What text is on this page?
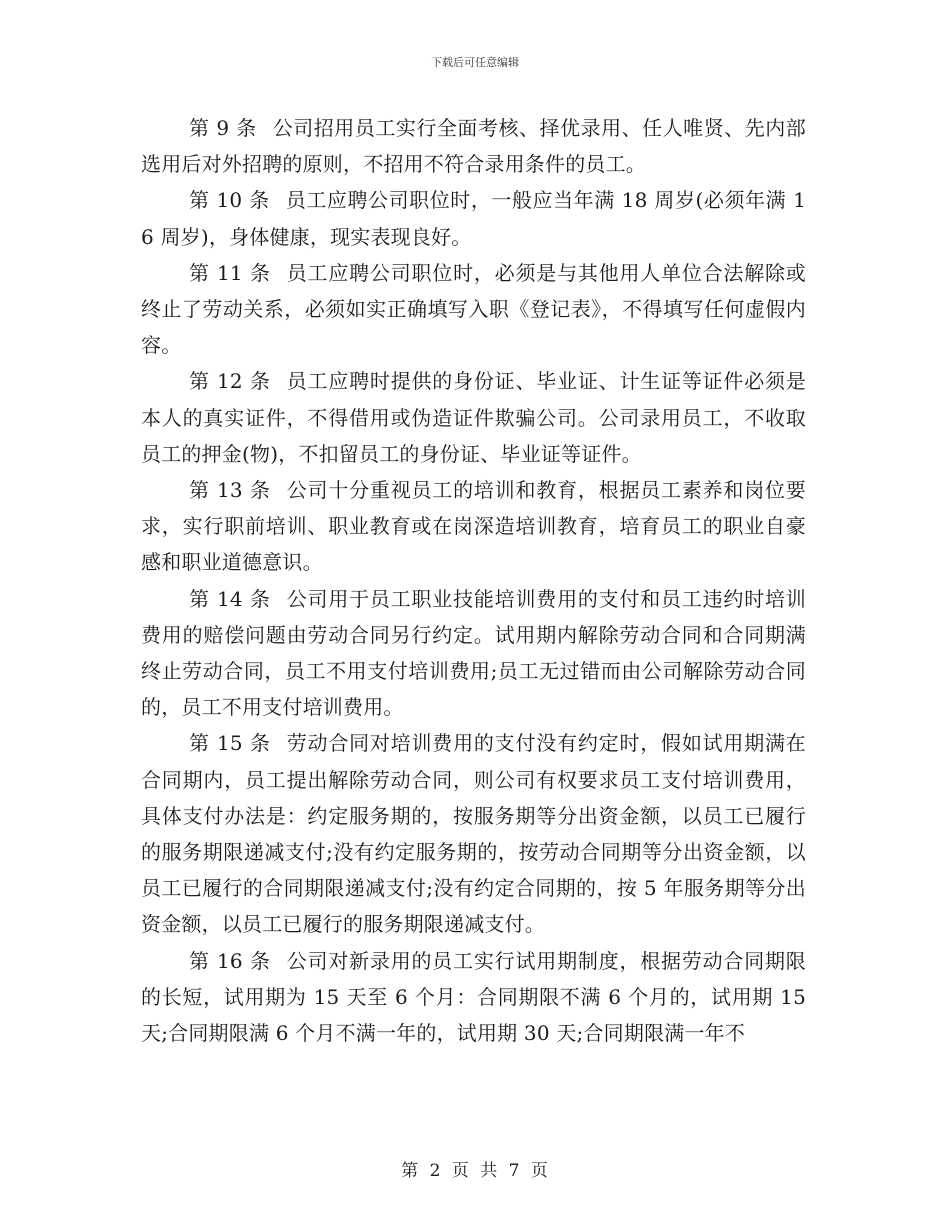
下载后可任意编辑

第 9 条 公司招用员工实行全面考核、择优录用、任人唯贤、先内部选用后对外招聘的原则，不招用不符合录用条件的员工。

第 10 条 员工应聘公司职位时，一般应当年满 18 周岁(必须年满 16 周岁)，身体健康，现实表现良好。

第 11 条 员工应聘公司职位时，必须是与其他用人单位合法解除或终止了劳动关系，必须如实正确填写入职《登记表》，不得填写任何虚假内容。

第 12 条 员工应聘时提供的身份证、毕业证、计生证等证件必须是本人的真实证件，不得借用或伪造证件欺骗公司。公司录用员工，不收取员工的押金(物)，不扣留员工的身份证、毕业证等证件。

第 13 条 公司十分重视员工的培训和教育，根据员工素养和岗位要求，实行职前培训、职业教育或在岗深造培训教育，培育员工的职业自豪感和职业道德意识。

第 14 条 公司用于员工职业技能培训费用的支付和员工违约时培训费用的赔偿问题由劳动合同另行约定。试用期内解除劳动合同和合同期满终止劳动合同，员工不用支付培训费用;员工无过错而由公司解除劳动合同的，员工不用支付培训费用。

第 15 条 劳动合同对培训费用的支付没有约定时，假如试用期满在合同期内，员工提出解除劳动合同，则公司有权要求员工支付培训费用，具体支付办法是：约定服务期的，按服务期等分出资金额，以员工已履行的服务期限递减支付;没有约定服务期的，按劳动合同期等分出资金额，以员工已履行的合同期限递减支付;没有约定合同期的，按 5 年服务期等分出资金额，以员工已履行的服务期限递减支付。

第 16 条 公司对新录用的员工实行试用期制度，根据劳动合同期限的长短，试用期为 15 天至 6 个月：合同期限不满 6 个月的，试用期 15 天;合同期限满 6 个月不满一年的，试用期 30 天;合同期限满一年不

第 2 页 共 7 页
